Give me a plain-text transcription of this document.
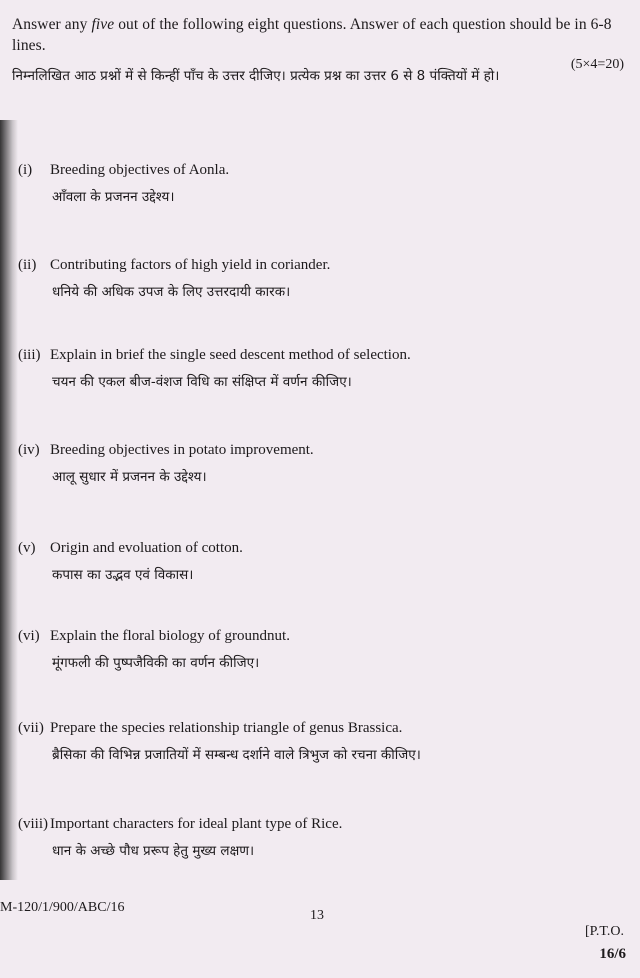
Answer any five out of the following eight questions. Answer of each question should be in 6-8 lines.
(5×4=20)
निम्नलिखित आठ प्रश्नों में से किन्हीं पाँच के उत्तर दीजिए। प्रत्येक प्रश्न का उत्तर 6 से 8 पंक्तियों में हो।
(i) Breeding objectives of Aonla.
आँवला के प्रजनन उद्देश्य।
(ii) Contributing factors of high yield in coriander.
धनिये की अधिक उपज के लिए उत्तरदायी कारक।
(iii) Explain in brief the single seed descent method of selection.
चयन की एकल बीज-वंशज विधि का संक्षिप्त में वर्णन कीजिए।
(iv) Breeding objectives in potato improvement.
आलू सुधार में प्रजनन के उद्देश्य।
(v) Origin and evoluation of cotton.
कपास का उद्भव एवं विकास।
(vi) Explain the floral biology of groundnut.
मूंगफली की पुष्पजैविकी का वर्णन कीजिए।
(vii) Prepare the species relationship triangle of genus Brassica.
ब्रैसिका की विभिन्न प्रजातियों में सम्बन्ध दर्शाने वाले त्रिभुज को रचना कीजिए।
(viii) Important characters for ideal plant type of Rice.
धान के अच्छे पौध प्ररूप हेतु मुख्य लक्षण।
M-120/1/900/ABC/16
13
[P.T.O.
16/6
